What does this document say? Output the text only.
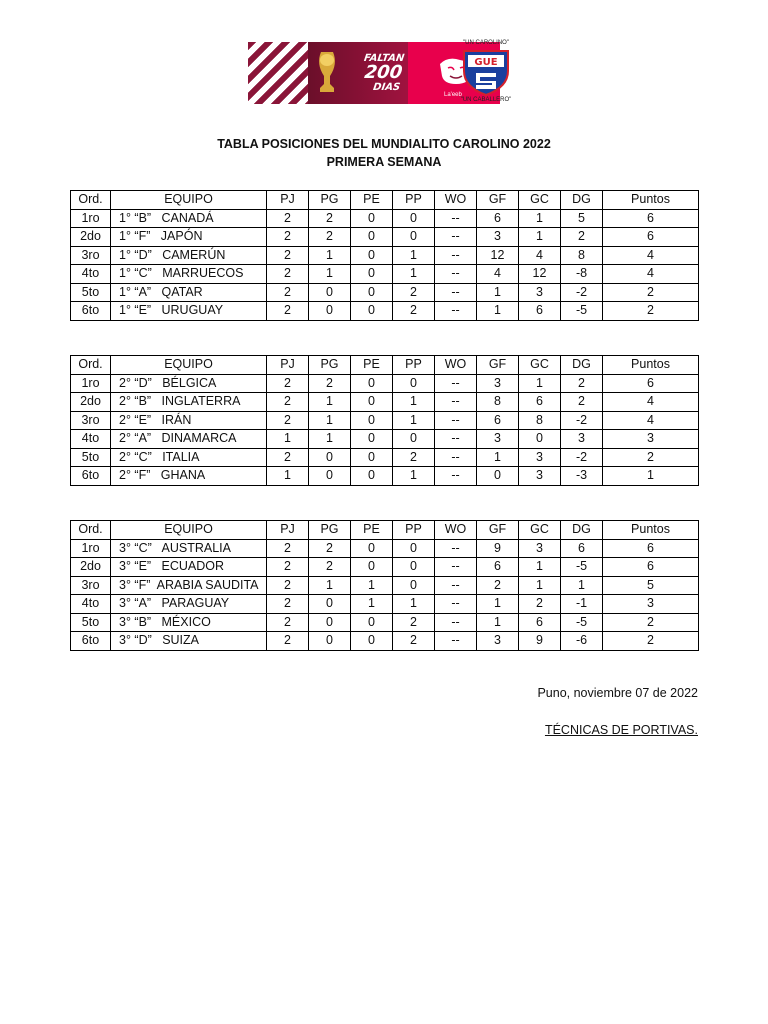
FALTAN
200
DIAS
La'eeb
"UN CAROLINO"
GUE
"UN CABALLERO"
TABLA POSICIONES DEL MUNDIALITO CAROLINO 2022
PRIMERA SEMANA
Ord.	EQUIPO	PJ	PG	PE	PP	WO	GF	GC	DG	Puntos
1ro	1° “B”   CANADÁ	2	2	0	0	--	6	1	5	6
2do	1° “F”   JAPÓN	2	2	0	0	--	3	1	2	6
3ro	1° “D”   CAMERÚN	2	1	0	1	--	12	4	8	4
4to	1° “C”   MARRUECOS	2	1	0	1	--	4	12	-8	4
5to	1° “A”   QATAR	2	0	0	2	--	1	3	-2	2
6to	1° “E”   URUGUAY	2	0	0	2	--	1	6	-5	2
Ord.	EQUIPO	PJ	PG	PE	PP	WO	GF	GC	DG	Puntos
1ro	2° “D”   BÉLGICA	2	2	0	0	--	3	1	2	6
2do	2° “B”   INGLATERRA	2	1	0	1	--	8	6	2	4
3ro	2° “E”   IRÁN	2	1	0	1	--	6	8	-2	4
4to	2° “A”   DINAMARCA	1	1	0	0	--	3	0	3	3
5to	2° “C”   ITALIA	2	0	0	2	--	1	3	-2	2
6to	2° “F”   GHANA	1	0	0	1	--	0	3	-3	1
Ord.	EQUIPO	PJ	PG	PE	PP	WO	GF	GC	DG	Puntos
1ro	3° “C”   AUSTRALIA	2	2	0	0	--	9	3	6	6
2do	3° “E”   ECUADOR	2	2	0	0	--	6	1	-5	6
3ro	3° “F”  ARABIA SAUDITA	2	1	1	0	--	2	1	1	5
4to	3° “A”   PARAGUAY	2	0	1	1	--	1	2	-1	3
5to	3° “B”   MÉXICO	2	0	0	2	--	1	6	-5	2
6to	3° “D”   SUIZA	2	0	0	2	--	3	9	-6	2
Puno, noviembre 07 de 2022
TÉCNICAS DE PORTIVAS.
